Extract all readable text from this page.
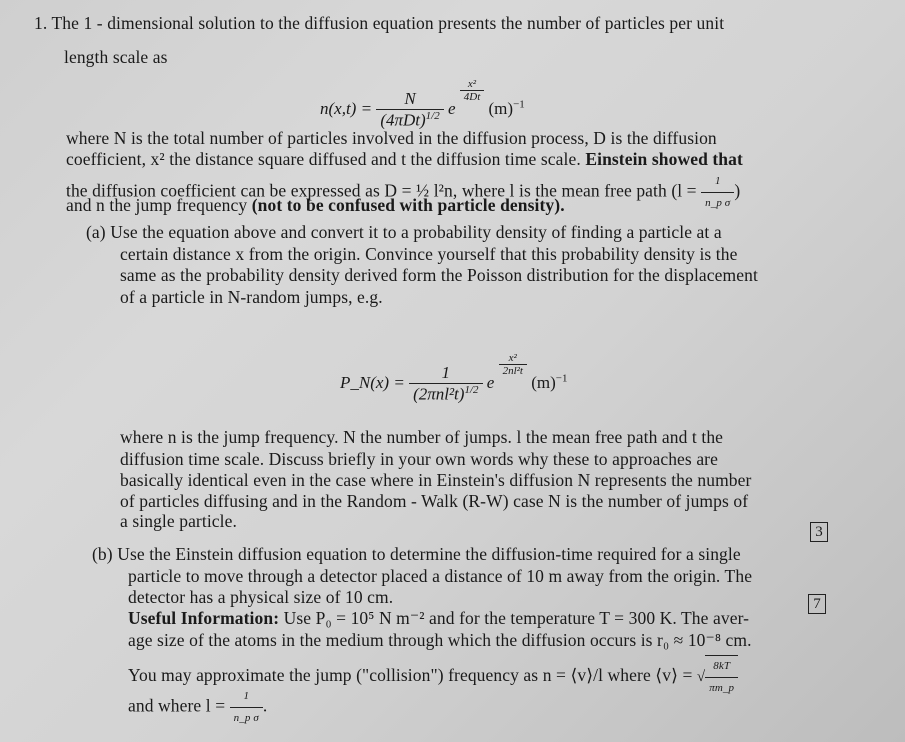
1. The 1 - dimensional solution to the diffusion equation presents the number of particles per unit
length scale as
$n(x,t) = \frac{N}{(4\pi Dt)^{1/2}}$ e
$\frac{\text{x²}}{4Dt}$
$(m)^{-1}$
where N is the total number of particles involved in the diffusion process, D is the diffusion
coefficient, x² the distance square diffused and t the diffusion time scale. Einstein showed that
the diffusion coefficient can be expressed as D = ½ l²n, where l is the mean free path ($l = \frac{1}{\text{n\_p σ}}$ )
and n the jump frequency (not to be confused with particle density).
(a) Use the equation above and convert it to a probability density of finding a particle at a
certain distance x from the origin. Convince yourself that this probability density is the
same as the probability density derived form the Poisson distribution for the displacement
of a particle in N-random jumps, e.g.
P_N(x) = $\frac{1}{(2\pi nl^2t)^{1/2}}$ e
$\frac{\text{x²}}{\text{2nl²t}}$
$(m)^{-1}$
where n is the jump frequency. N the number of jumps. l the mean free path and t the
diffusion time scale. Discuss briefly in your own words why these to approaches are
basically identical even in the case where in Einstein's diffusion N represents the number
of particles diffusing and in the Random - Walk (R-W) case N is the number of jumps of
a single particle.
3
(b) Use the Einstein diffusion equation to determine the diffusion-time required for a single
particle to move through a detector placed a distance of 10 m away from the origin. The
detector has a physical size of 10 cm.	7
Useful Information: Use P₀ = 10⁵ N m⁻² and for the temperature T = 300 K. The aver-
age size of the atoms in the medium through which the diffusion occurs is r₀ ≈ 10⁻⁸ cm.
You may approximate the jump ("collision") frequency as n = ⟨v⟩/l where ⟨v⟩ = √ $\frac{8kT}{\pi m\_p}$
and where $l = \frac{1}{\text{n\_p σ}}$ .
